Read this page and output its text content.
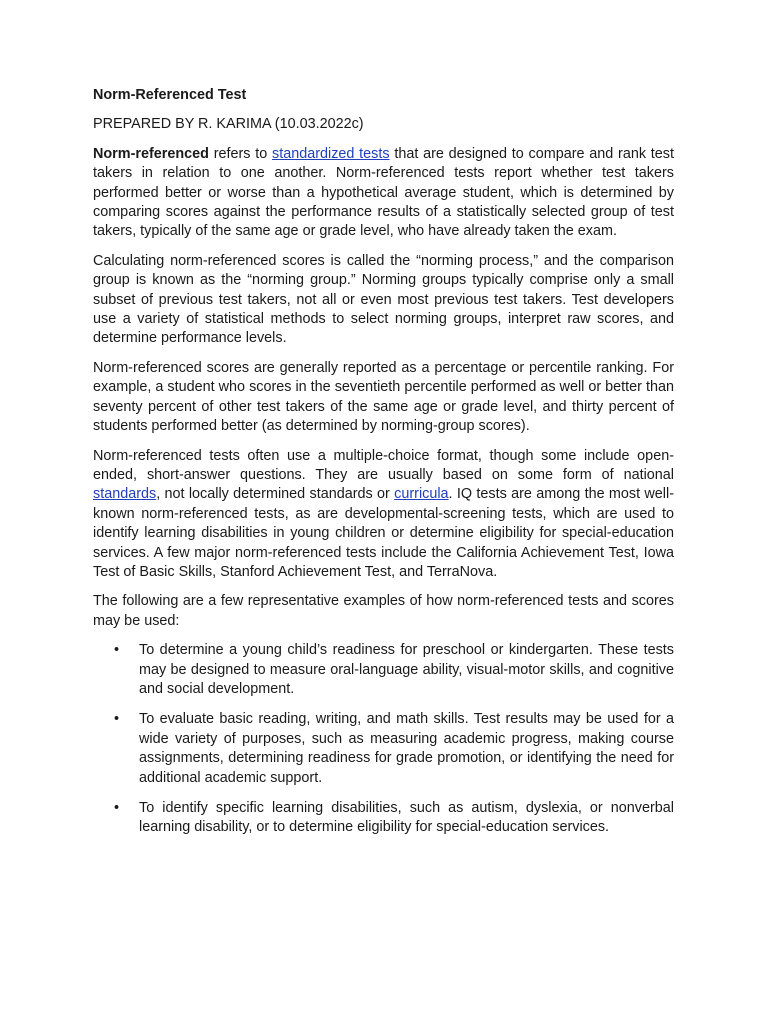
Norm-Referenced Test
PREPARED BY R. KARIMA (10.03.2022c)

Norm-referenced refers to standardized tests that are designed to compare and rank test takers in relation to one another. Norm-referenced tests report whether test takers performed better or worse than a hypothetical average student, which is determined by comparing scores against the performance results of a statistically selected group of test takers, typically of the same age or grade level, who have already taken the exam.

Calculating norm-referenced scores is called the “norming process,” and the comparison group is known as the “norming group.” Norming groups typically comprise only a small subset of previous test takers, not all or even most previous test takers. Test developers use a variety of statistical methods to select norming groups, interpret raw scores, and determine performance levels.

Norm-referenced scores are generally reported as a percentage or percentile ranking. For example, a student who scores in the seventieth percentile performed as well or better than seventy percent of other test takers of the same age or grade level, and thirty percent of students performed better (as determined by norming-group scores).

Norm-referenced tests often use a multiple-choice format, though some include open-ended, short-answer questions. They are usually based on some form of national standards, not locally determined standards or curricula. IQ tests are among the most well-known norm-referenced tests, as are developmental-screening tests, which are used to identify learning disabilities in young children or determine eligibility for special-education services. A few major norm-referenced tests include the California Achievement Test, Iowa Test of Basic Skills, Stanford Achievement Test, and TerraNova.

The following are a few representative examples of how norm-referenced tests and scores may be used:

• To determine a young child’s readiness for preschool or kindergarten. These tests may be designed to measure oral-language ability, visual-motor skills, and cognitive and social development.
• To evaluate basic reading, writing, and math skills. Test results may be used for a wide variety of purposes, such as measuring academic progress, making course assignments, determining readiness for grade promotion, or identifying the need for additional academic support.
• To identify specific learning disabilities, such as autism, dyslexia, or nonverbal learning disability, or to determine eligibility for special-education services.
